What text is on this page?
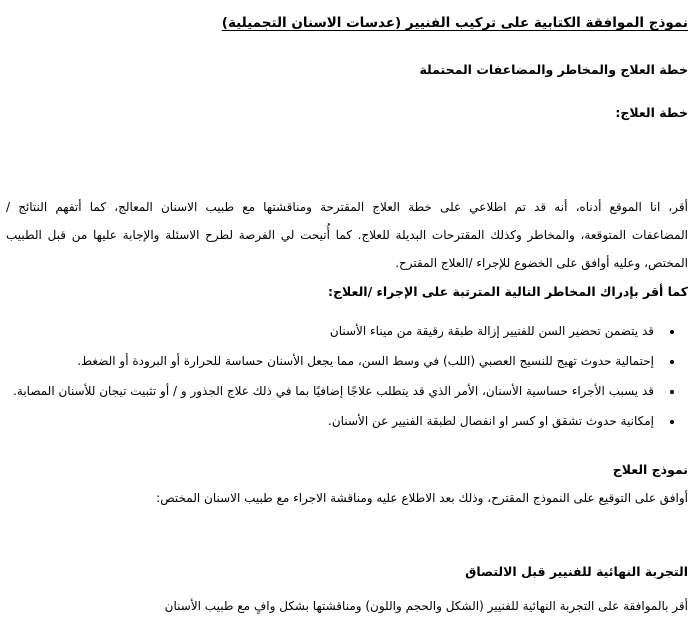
نموذج الموافقة الكتابية على تركيب الفنيير (عدسات الاسنان التجميلية)
خطة العلاج والمخاطر والمضاعفات المحتملة
خطة العلاج:
أقر، انا الموقع أدناه، أنه قد تم اطلاعي على خطة العلاج المقترحة ومناقشتها مع طبيب الاسنان المعالج، كما أتفهم النتائج /
المضاعفات المتوقعة، والمخاطر وكذلك المقترحات البديلة للعلاج. كما أُتيحت لي الفرصة لطرح الاسئلة والإجابة عليها من قبل الطبيب
المختص، وعليه أوافق على الخضوع للإجراء /العلاج المقترح.
كما أقر بإدراك المخاطر التالية المترتبة على الإجراء /العلاج:
• قد يتضمن تحضير السن للفنيير إزالة طبقة رقيقة من ميناء الأسنان
• إحتمالية حدوث تهيج للنسيج العصبي (اللب) في وسط السن، مما يجعل الأسنان حساسة للحرارة أو البرودة أو الضغط.
• قد يسبب الأجراء حساسية الأسنان، الأمر الذي قد يتطلب علاجًا إضافيًا بما في ذلك علاج الجذور و / أو تثبيت تيجان للأسنان المصابة.
• إمكانية حدوث تشقق او كسر او انفصال لطبقة الفنيير عن الأسنان.
نموذج العلاج
أوافق على التوقيع على النموذج المقترح، وذلك بعد الاطلاع عليه ومناقشة الاجراء مع طبيب الاسنان المختص:
التجربة النهائية للفنيير قبل الالتصاق
أقر بالموافقة على التجربة النهائية للفنيير (الشكل والحجم واللون) ومناقشتها بشكل وافٍ مع طبيب الأسنان
